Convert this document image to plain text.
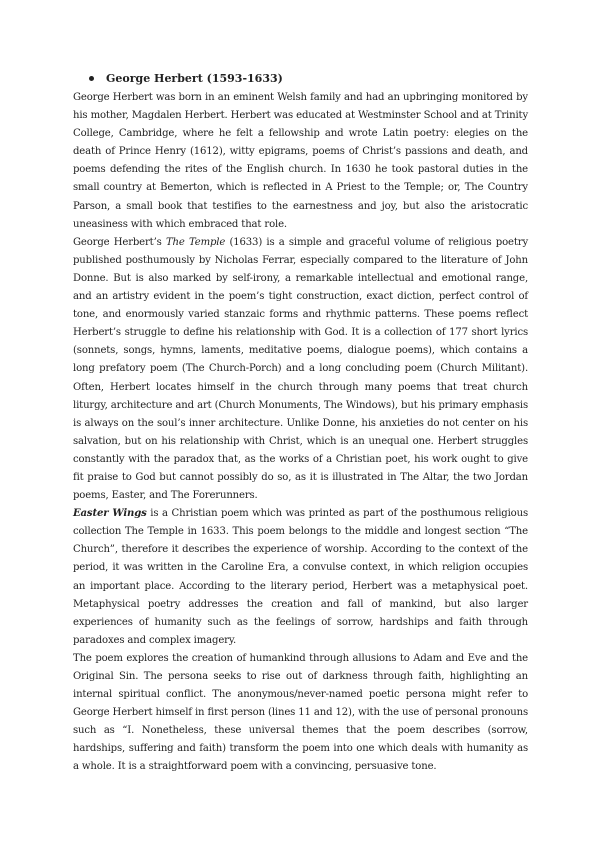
George Herbert (1593-1633)

George Herbert was born in an eminent Welsh family and had an upbringing monitored by his mother, Magdalen Herbert. Herbert was educated at Westminster School and at Trinity College, Cambridge, where he felt a fellowship and wrote Latin poetry: elegies on the death of Prince Henry (1612), witty epigrams, poems of Christ’s passions and death, and poems defending the rites of the English church. In 1630 he took pastoral duties in the small country at Bemerton, which is reflected in A Priest to the Temple; or, The Country Parson, a small book that testifies to the earnestness and joy, but also the aristocratic uneasiness with which embraced that role.

George Herbert’s The Temple (1633) is a simple and graceful volume of religious poetry published posthumously by Nicholas Ferrar, especially compared to the literature of John Donne. But is also marked by self-irony, a remarkable intellectual and emotional range, and an artistry evident in the poem’s tight construction, exact diction, perfect control of tone, and enormously varied stanzaic forms and rhythmic patterns. These poems reflect Herbert’s struggle to define his relationship with God. It is a collection of 177 short lyrics (sonnets, songs, hymns, laments, meditative poems, dialogue poems), which contains a long prefatory poem (The Church-Porch) and a long concluding poem (Church Militant). Often, Herbert locates himself in the church through many poems that treat church liturgy, architecture and art (Church Monuments, The Windows), but his primary emphasis is always on the soul’s inner architecture. Unlike Donne, his anxieties do not center on his salvation, but on his relationship with Christ, which is an unequal one. Herbert struggles constantly with the paradox that, as the works of a Christian poet, his work ought to give fit praise to God but cannot possibly do so, as it is illustrated in The Altar, the two Jordan poems, Easter, and The Forerunners.

Easter Wings is a Christian poem which was printed as part of the posthumous religious collection The Temple in 1633. This poem belongs to the middle and longest section “The Church”, therefore it describes the experience of worship. According to the context of the period, it was written in the Caroline Era, a convulse context, in which religion occupies an important place. According to the literary period, Herbert was a metaphysical poet. Metaphysical poetry addresses the creation and fall of mankind, but also larger experiences of humanity such as the feelings of sorrow, hardships and faith through paradoxes and complex imagery.

The poem explores the creation of humankind through allusions to Adam and Eve and the Original Sin. The persona seeks to rise out of darkness through faith, highlighting an internal spiritual conflict. The anonymous/never-named poetic persona might refer to George Herbert himself in first person (lines 11 and 12), with the use of personal pronouns such as “I. Nonetheless, these universal themes that the poem describes (sorrow, hardships, suffering and faith) transform the poem into one which deals with humanity as a whole. It is a straightforward poem with a convincing, persuasive tone.
